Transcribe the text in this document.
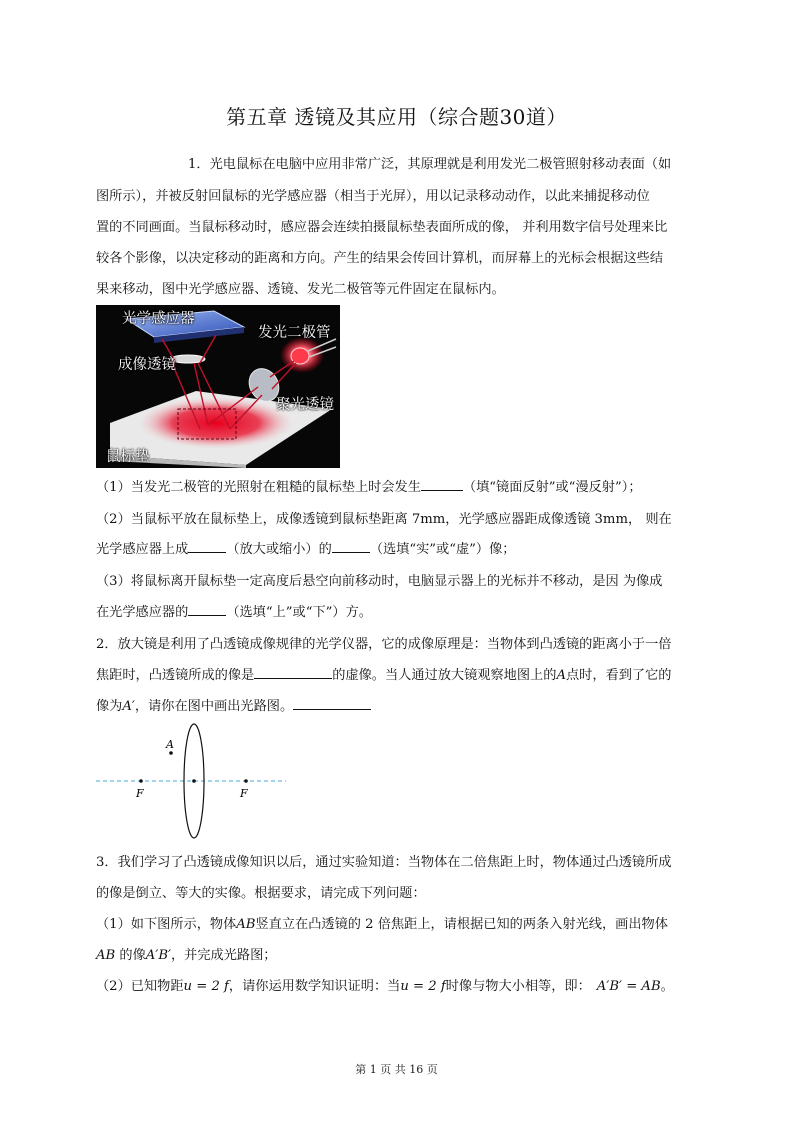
第五章 透镜及其应用（综合题30道）
1．光电鼠标在电脑中应用非常广泛，其原理就是利用发光二极管照射移动表面（如
图所示），并被反射回鼠标的光学感应器（相当于光屏），用以记录移动动作，以此来捕捉移动位
置的不同画面。当鼠标移动时，感应器会连续拍摄鼠标垫表面所成的像， 并利用数字信号处理来比
较各个影像，以决定移动的距离和方向。产生的结果会传回计算机，而屏幕上的光标会根据这些结
果来移动，图中光学感应器、透镜、发光二极管等元件固定在鼠标内。
光学感应器
发光二极管
成像透镜
聚光透镜
鼠标垫
（1）当发光二极管的光照射在粗糙的鼠标垫上时会发生	（填“镜面反射”或“漫反射”）；
（2）当鼠标平放在鼠标垫上，成像透镜到鼠标垫距离 7mm，光学感应器距成像透镜 3mm， 则在
光学感应器上成	（放大或缩小）的	（选填“实”或“虚”）像；
（3）将鼠标离开鼠标垫一定高度后悬空向前移动时，电脑显示器上的光标并不移动，是因 为像成
在光学感应器的	（选填“上”或“下”）方。
2．放大镜是利用了凸透镜成像规律的光学仪器，它的成像原理是：当物体到凸透镜的距离小于一倍
焦距时，凸透镜所成的像是	的虚像。当人通过放大镜观察地图上的A点时，看到了它的
像为A′，请你在图中画出光路图。
A
F	F
3．我们学习了凸透镜成像知识以后，通过实验知道：当物体在二倍焦距上时，物体通过凸透镜所成
的像是倒立、等大的实像。根据要求，请完成下列问题：
（1）如下图所示，物体AB竖直立在凸透镜的 2 倍焦距上，请根据已知的两条入射光线，画出物体
AB 的像A′B′，并完成光路图；
（2）已知物距u = 2 f，请你运用数学知识证明：当u = 2 f时像与物大小相等，即： A′B′ = AB。
第 1 页 共 16 页
